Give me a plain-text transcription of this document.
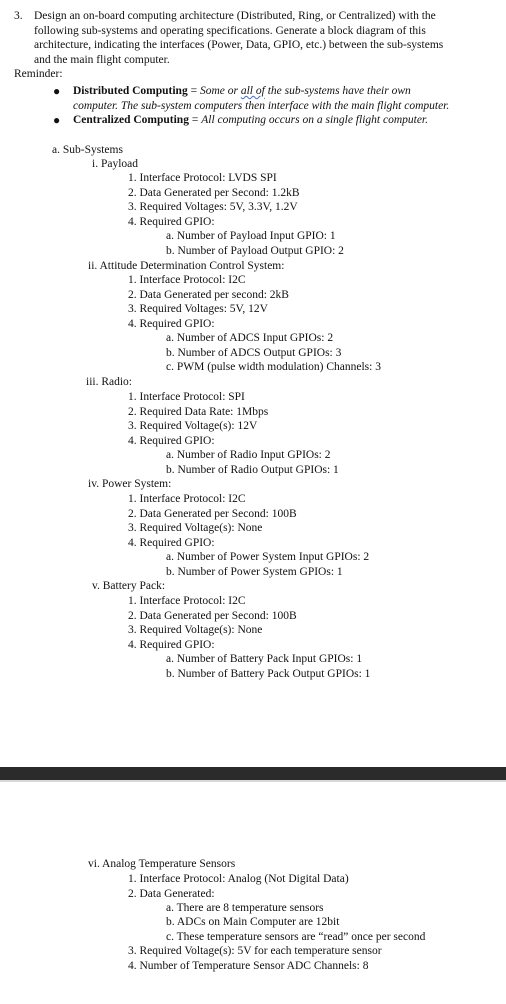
3. Design an on-board computing architecture (Distributed, Ring, or Centralized) with the
following sub-systems and operating specifications. Generate a block diagram of this
architecture, indicating the interfaces (Power, Data, GPIO, etc.) between the sub-systems
and the main flight computer.
Reminder:
● Distributed Computing = Some or all of the sub-systems have their own
computer. The sub-system computers then interface with the main flight computer.
● Centralized Computing = All computing occurs on a single flight computer.
a. Sub-Systems
i. Payload
1. Interface Protocol: LVDS SPI
2. Data Generated per Second: 1.2kB
3. Required Voltages: 5V, 3.3V, 1.2V
4. Required GPIO:
a. Number of Payload Input GPIO: 1
b. Number of Payload Output GPIO: 2
ii. Attitude Determination Control System:
1. Interface Protocol: I2C
2. Data Generated per second: 2kB
3. Required Voltages: 5V, 12V
4. Required GPIO:
a. Number of ADCS Input GPIOs: 2
b. Number of ADCS Output GPIOs: 3
c. PWM (pulse width modulation) Channels: 3
iii. Radio:
1. Interface Protocol: SPI
2. Required Data Rate: 1Mbps
3. Required Voltage(s): 12V
4. Required GPIO:
a. Number of Radio Input GPIOs: 2
b. Number of Radio Output GPIOs: 1
iv. Power System:
1. Interface Protocol: I2C
2. Data Generated per Second: 100B
3. Required Voltage(s): None
4. Required GPIO:
a. Number of Power System Input GPIOs: 2
b. Number of Power System GPIOs: 1
v. Battery Pack:
1. Interface Protocol: I2C
2. Data Generated per Second: 100B
3. Required Voltage(s): None
4. Required GPIO:
a. Number of Battery Pack Input GPIOs: 1
b. Number of Battery Pack Output GPIOs: 1
vi. Analog Temperature Sensors
1. Interface Protocol: Analog (Not Digital Data)
2. Data Generated:
a. There are 8 temperature sensors
b. ADCs on Main Computer are 12bit
c. These temperature sensors are “read” once per second
3. Required Voltage(s): 5V for each temperature sensor
4. Number of Temperature Sensor ADC Channels: 8
